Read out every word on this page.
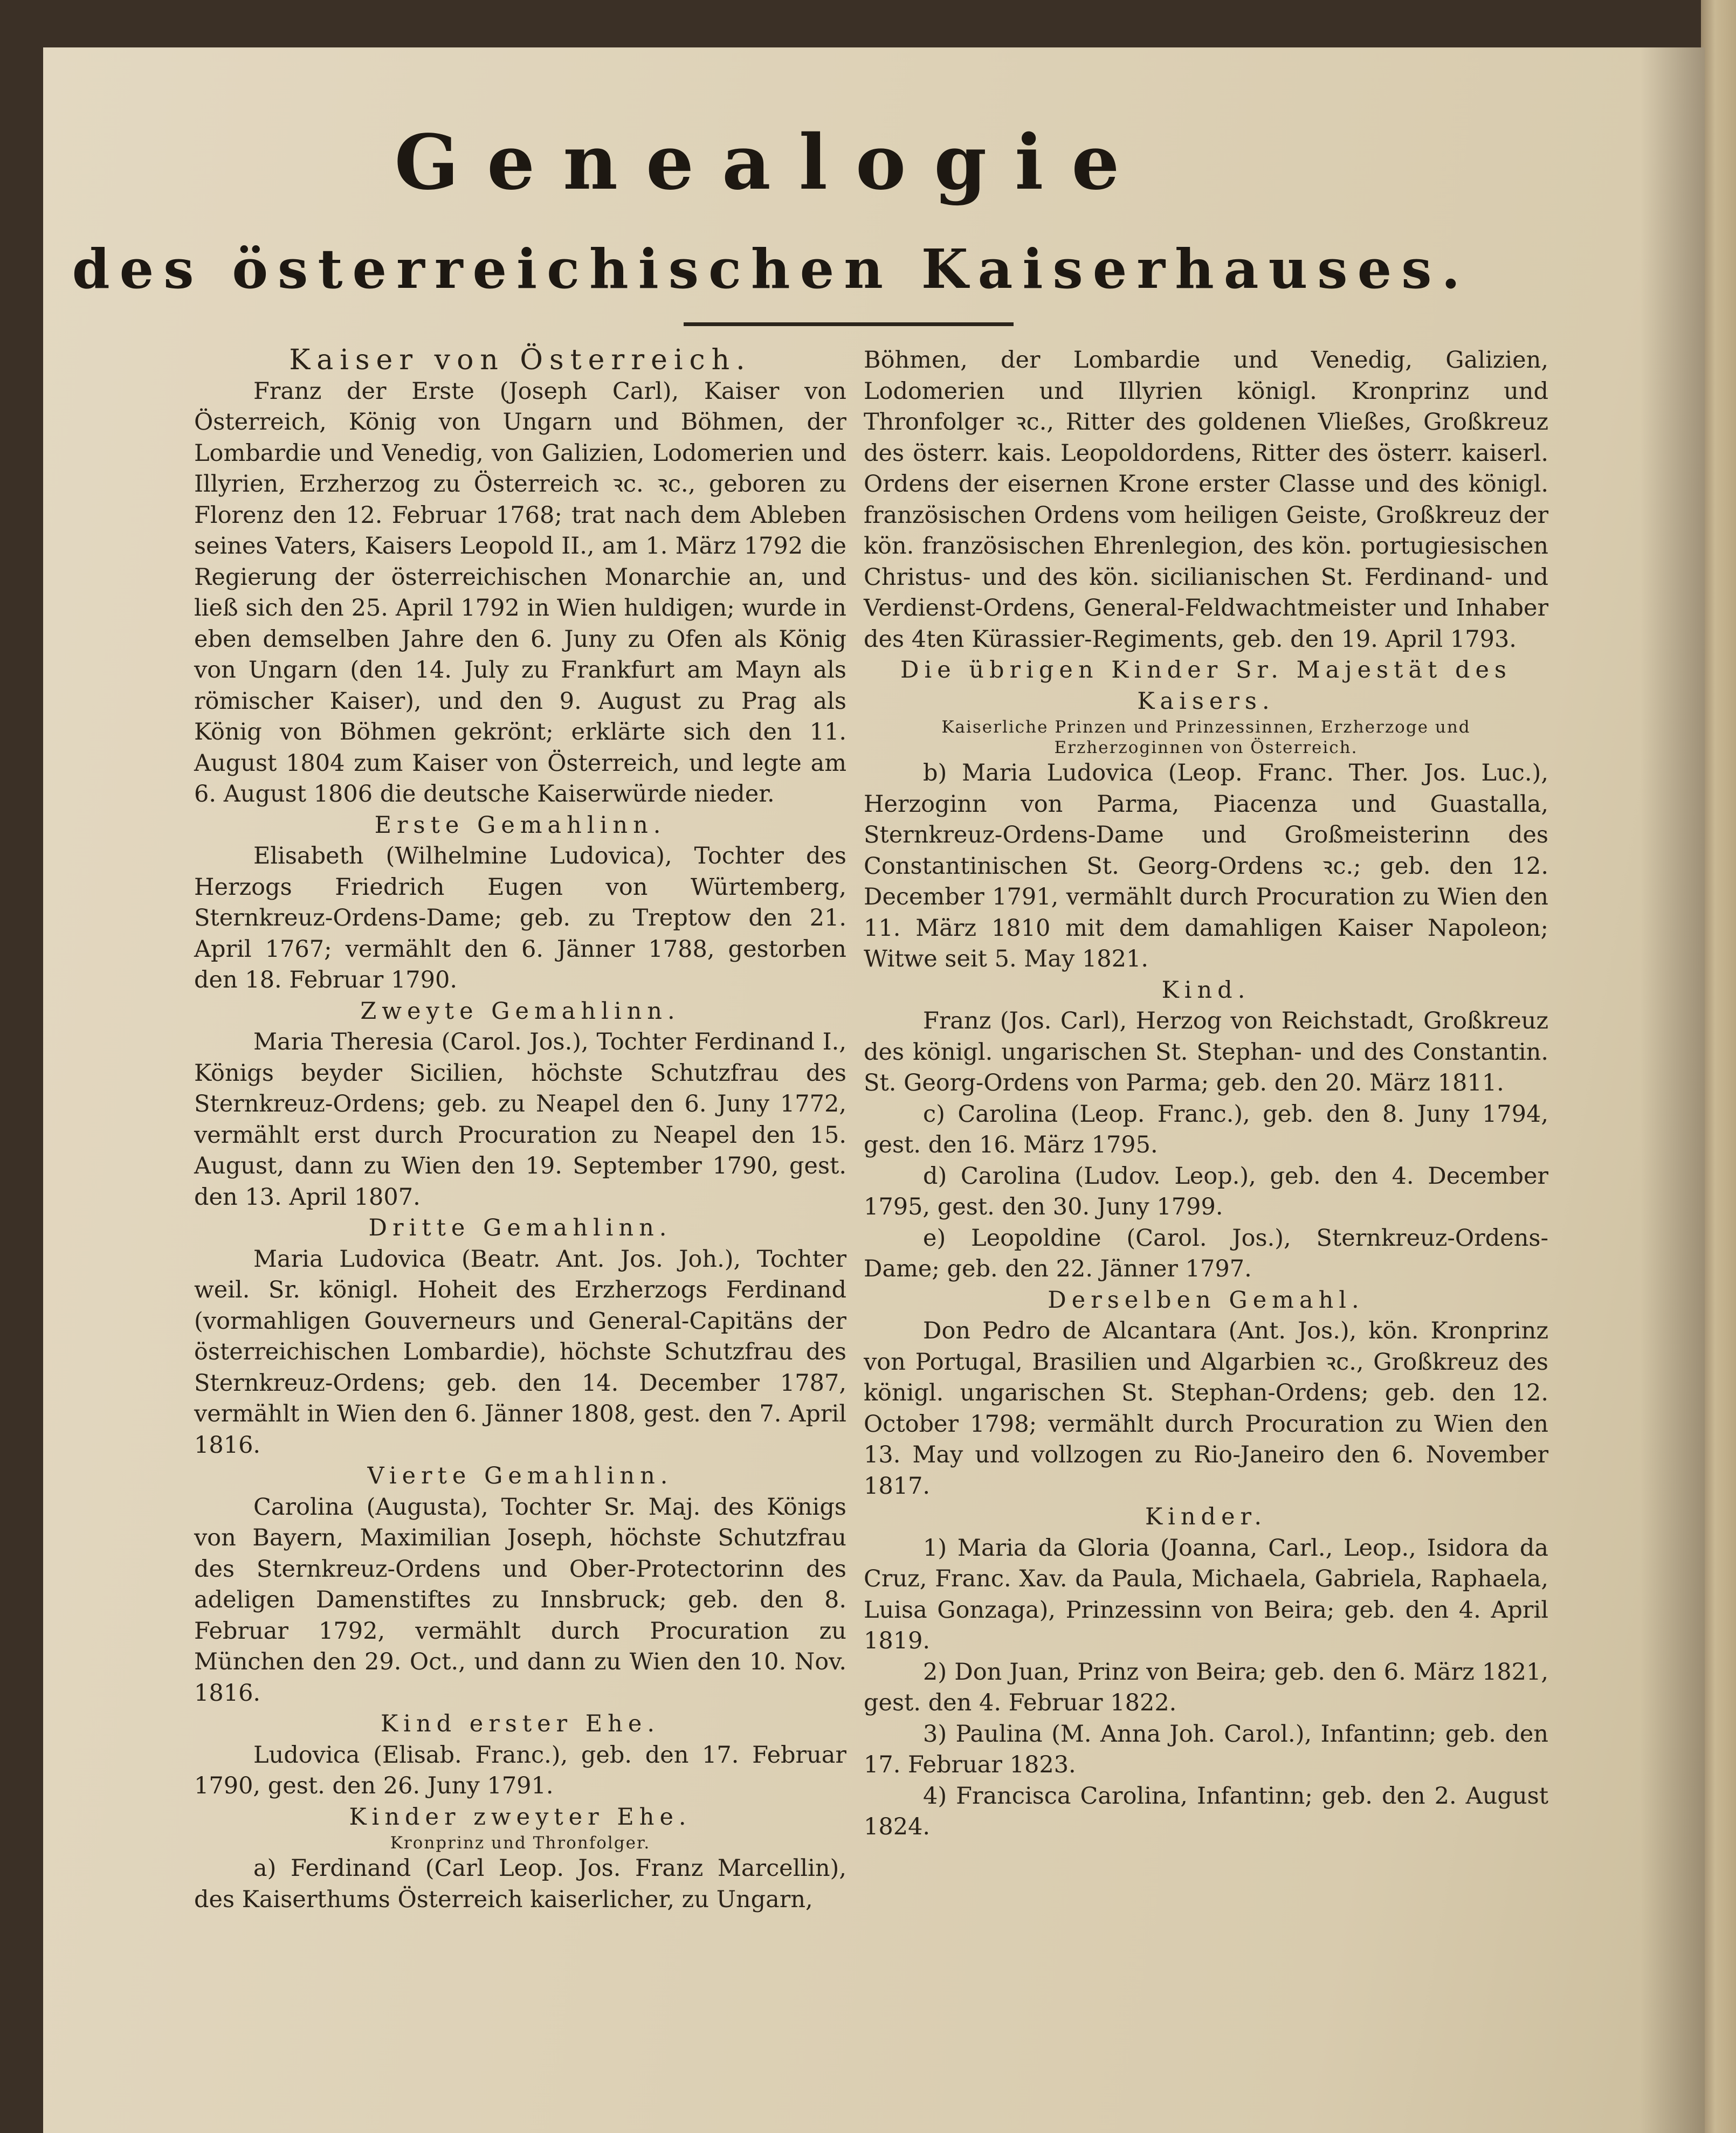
Genealogie
des österreichischen Kaiserhauses.

Kaiser von Österreich.

Franz der Erste (Joseph Carl), Kaiser von Österreich, König von Ungarn und Böhmen, der Lombardie und Venedig, von Galizien, Lodomerien und Illyrien, Erzherzog zu Österreich ꝛc. ꝛc., geboren zu Florenz den 12. Februar 1768; trat nach dem Ableben seines Vaters, Kaisers Leopold II., am 1. März 1792 die Regierung der österreichischen Monarchie an, und ließ sich den 25. April 1792 in Wien huldigen; wurde in eben demselben Jahre den 6. Juny zu Ofen als König von Ungarn (den 14. July zu Frankfurt am Mayn als römischer Kaiser), und den 9. August zu Prag als König von Böhmen gekrönt; erklärte sich den 11. August 1804 zum Kaiser von Österreich, und legte am 6. August 1806 die deutsche Kaiserwürde nieder.

Erste Gemahlinn.

Elisabeth (Wilhelmine Ludovica), Tochter des Herzogs Friedrich Eugen von Würtemberg, Sternkreuz-Ordens-Dame; geb. zu Treptow den 21. April 1767; vermählt den 6. Jänner 1788, gestorben den 18. Februar 1790.

Zweyte Gemahlinn.

Maria Theresia (Carol. Jos.), Tochter Ferdinand I., Königs beyder Sicilien, höchste Schutzfrau des Sternkreuz-Ordens; geb. zu Neapel den 6. Juny 1772, vermählt erst durch Procuration zu Neapel den 15. August, dann zu Wien den 19. September 1790, gest. den 13. April 1807.

Dritte Gemahlinn.

Maria Ludovica (Beatr. Ant. Jos. Joh.), Tochter weil. Sr. königl. Hoheit des Erzherzogs Ferdinand (vormahligen Gouverneurs und General-Capitäns der österreichischen Lombardie), höchste Schutzfrau des Sternkreuz-Ordens; geb. den 14. December 1787, vermählt in Wien den 6. Jänner 1808, gest. den 7. April 1816.

Vierte Gemahlinn.

Carolina (Augusta), Tochter Sr. Maj. des Königs von Bayern, Maximilian Joseph, höchste Schutzfrau des Sternkreuz-Ordens und Ober-Protectorinn des adeligen Damenstiftes zu Innsbruck; geb. den 8. Februar 1792, vermählt durch Procuration zu München den 29. Oct., und dann zu Wien den 10. Nov. 1816.

Kind erster Ehe.

Ludovica (Elisab. Franc.), geb. den 17. Februar 1790, gest. den 26. Juny 1791.

Kinder zweyter Ehe.

Kronprinz und Thronfolger.

a) Ferdinand (Carl Leop. Jos. Franz Marcellin), des Kaiserthums Österreich kaiserlicher, zu Ungarn,

Böhmen, der Lombardie und Venedig, Galizien, Lodomerien und Illyrien königl. Kronprinz und Thronfolger ꝛc., Ritter des goldenen Vließes, Großkreuz des österr. kais. Leopoldordens, Ritter des österr. kaiserl. Ordens der eisernen Krone erster Classe und des königl. französischen Ordens vom heiligen Geiste, Großkreuz der kön. französischen Ehrenlegion, des kön. portugiesischen Christus- und des kön. sicilianischen St. Ferdinand- und Verdienst-Ordens, General-Feldwachtmeister und Inhaber des 4ten Kürassier-Regiments, geb. den 19. April 1793.

Die übrigen Kinder Sr. Majestät des Kaisers.

Kaiserliche Prinzen und Prinzessinnen, Erzherzoge und Erzherzoginnen von Österreich.

b) Maria Ludovica (Leop. Franc. Ther. Jos. Luc.), Herzoginn von Parma, Piacenza und Guastalla, Sternkreuz-Ordens-Dame und Großmeisterinn des Constantinischen St. Georg-Ordens ꝛc.; geb. den 12. December 1791, vermählt durch Procuration zu Wien den 11. März 1810 mit dem damahligen Kaiser Napoleon; Witwe seit 5. May 1821.

Kind.

Franz (Jos. Carl), Herzog von Reichstadt, Großkreuz des königl. ungarischen St. Stephan- und des Constantin. St. Georg-Ordens von Parma; geb. den 20. März 1811.

c) Carolina (Leop. Franc.), geb. den 8. Juny 1794, gest. den 16. März 1795.

d) Carolina (Ludov. Leop.), geb. den 4. December 1795, gest. den 30. Juny 1799.

e) Leopoldine (Carol. Jos.), Sternkreuz-Ordens-Dame; geb. den 22. Jänner 1797.

Derselben Gemahl.

Don Pedro de Alcantara (Ant. Jos.), kön. Kronprinz von Portugal, Brasilien und Algarbien ꝛc., Großkreuz des königl. ungarischen St. Stephan-Ordens; geb. den 12. October 1798; vermählt durch Procuration zu Wien den 13. May und vollzogen zu Rio-Janeiro den 6. November 1817.

Kinder.

1) Maria da Gloria (Joanna, Carl., Leop., Isidora da Cruz, Franc. Xav. da Paula, Michaela, Gabriela, Raphaela, Luisa Gonzaga), Prinzessinn von Beira; geb. den 4. April 1819.

2) Don Juan, Prinz von Beira; geb. den 6. März 1821, gest. den 4. Februar 1822.

3) Paulina (M. Anna Joh. Carol.), Infantinn; geb. den 17. Februar 1823.

4) Francisca Carolina, Infantinn; geb. den 2. August 1824.
